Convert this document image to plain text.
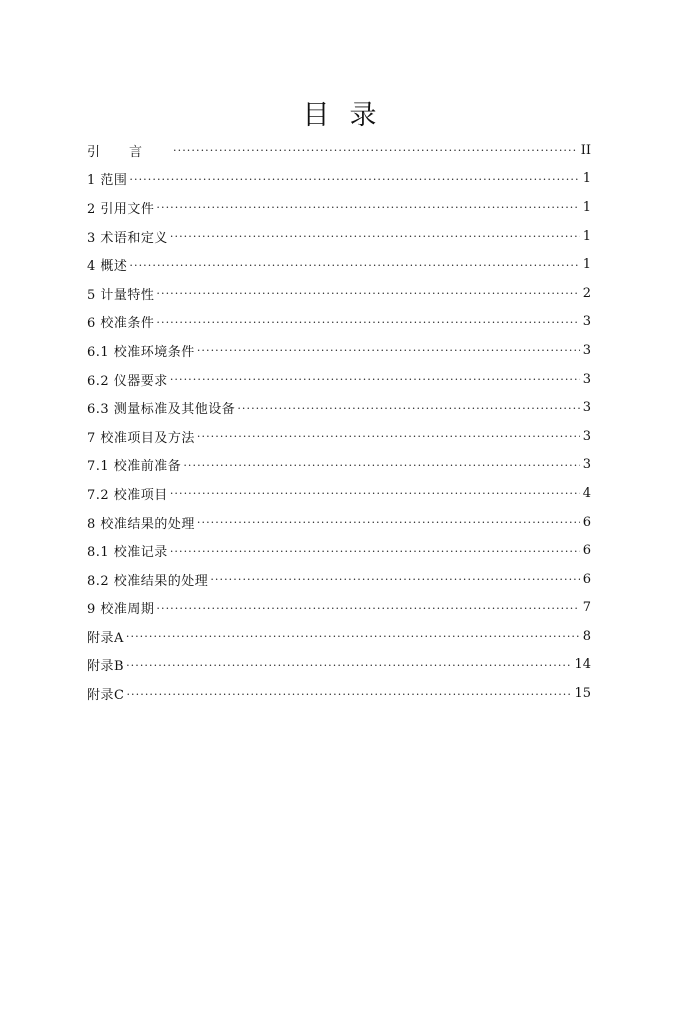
目录
引言 . . .	II
1 范围 . . .	1
2 引用文件 . . .	1
3 术语和定义 . . .	1
4 概述 . . .	1
5 计量特性 . . .	2
6 校准条件 . . .	3
6.1 校准环境条件 . . .	3
6.2 仪器要求 . . .	3
6.3 测量标准及其他设备 . . .	3
7 校准项目及方法 . . .	3
7.1 校准前准备 . . .	3
7.2 校准项目 . . .	4
8 校准结果的处理 . . .	6
8.1 校准记录 . . .	6
8.2 校准结果的处理 . . .	6
9 校准周期 . . .	7
附录A . . .	8
附录B . . .	14
附录C . . .	15
